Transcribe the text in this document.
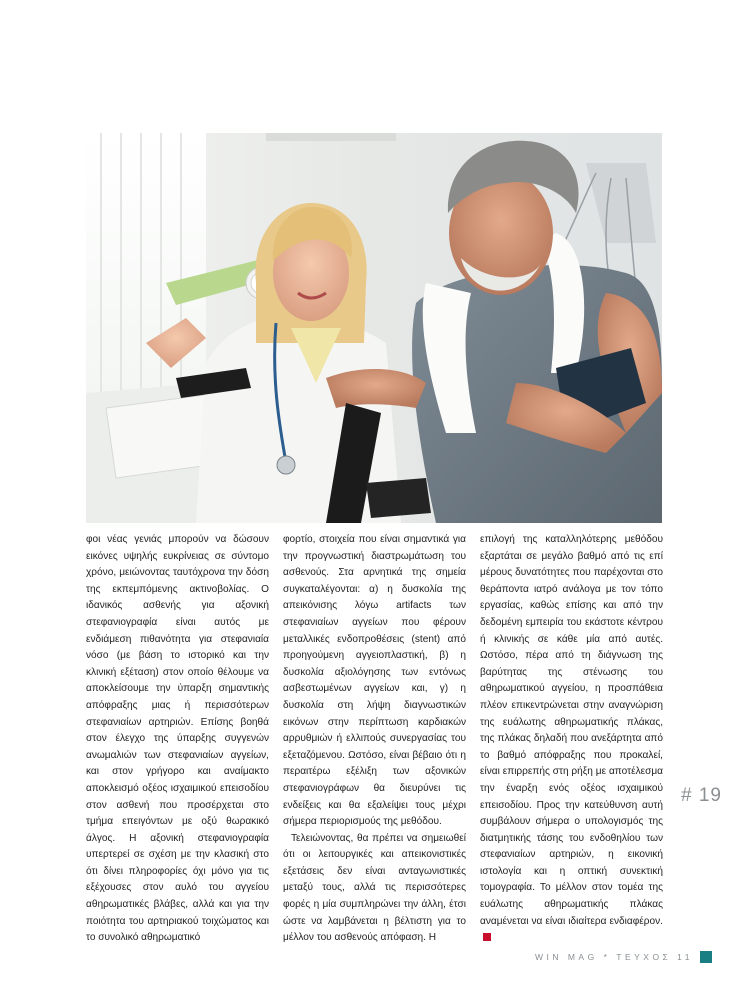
φοι νέας γενιάς μπορούν να δώσουν εικόνες υψηλής ευκρίνειας σε σύντομο χρόνο, μειώνοντας ταυτόχρονα την δόση της εκπεμπόμενης ακτινοβολίας. Ο ιδανικός ασθενής για αξονική στεφανιογραφία είναι αυτός με ενδιάμεση πιθανότητα για στεφανιαία νόσο (με βάση το ιστορικό και την κλινική εξέταση) στον οποίο θέλουμε να αποκλείσουμε την ύπαρξη σημαντικής απόφραξης μιας ή περισσότερων στεφανιαίων αρτηριών. Επίσης βοηθά στον έλεγχο της ύπαρξης συγγενών ανωμαλιών των στεφανιαίων αγγείων, και στον γρήγορο και αναίμακτο αποκλεισμό οξέος ισχαιμικού επεισοδίου στον ασθενή που προσέρχεται στο τμήμα επειγόντων με οξύ θωρακικό άλγος. Η αξονική στεφανιογραφία υπερτερεί σε σχέση με την κλασική στο ότι δίνει πληροφορίες όχι μόνο για τις εξέχουσες στον αυλό του αγγείου αθηρωματικές βλάβες, αλλά και για την ποιότητα του αρτηριακού τοιχώματος και το συνολικό αθηρωματικό

φορτίο, στοιχεία που είναι σημαντικά για την προγνωστική διαστρωμάτωση του ασθενούς. Στα αρνητικά της σημεία συγκαταλέγονται: α) η δυσκολία της απεικόνισης λόγω artifacts των στεφανιαίων αγγείων που φέρουν μεταλλικές ενδοπροθέσεις (stent) από προηγούμενη αγγειοπλαστική, β) η δυσκολία αξιολόγησης των εντόνως ασβεστωμένων αγγείων και, γ) η δυσκολία στη λήψη διαγνωστικών εικόνων στην περίπτωση καρδιακών αρρυθμιών ή ελλιπούς συνεργασίας του εξεταζόμενου. Ωστόσο, είναι βέβαιο ότι η περαιτέρω εξέλιξη των αξονικών στεφανιογράφων θα διευρύνει τις ενδείξεις και θα εξαλείψει τους μέχρι σήμερα περιορισμούς της μεθόδου.

Τελειώνοντας, θα πρέπει να σημειωθεί ότι οι λειτουργικές και απεικονιστικές εξετάσεις δεν είναι ανταγωνιστικές μεταξύ τους, αλλά τις περισσότερες φορές η μία συμπληρώνει την άλλη, έτσι ώστε να λαμβάνεται η βέλτιστη για το μέλλον του ασθενούς απόφαση. Η

επιλογή της καταλληλότερης μεθόδου εξαρτάται σε μεγάλο βαθμό από τις επί μέρους δυνατότητες που παρέχονται στο θεράποντα ιατρό ανάλογα με τον τόπο εργασίας, καθώς επίσης και από την δεδομένη εμπειρία του εκάστοτε κέντρου ή κλινικής σε κάθε μία από αυτές. Ωστόσο, πέρα από τη διάγνωση της βαρύτητας της στένωσης του αθηρωματικού αγγείου, η προσπάθεια πλέον επικεντρώνεται στην αναγνώριση της ευάλωτης αθηρωματικής πλάκας, της πλάκας δηλαδή που ανεξάρτητα από το βαθμό απόφραξης που προκαλεί, είναι επιρρεπής στη ρήξη με αποτέλεσμα την έναρξη ενός οξέος ισχαιμικού επεισοδίου. Προς την κατεύθυνση αυτή συμβάλουν σήμερα ο υπολογισμός της διατμητικής τάσης του ενδοθηλίου των στεφανιαίων αρτηριών, η εικονική ιστολογία και η οπτική συνεκτική τομογραφία. Το μέλλον στον τομέα της ευάλωτης αθηρωματικής πλάκας αναμένεται να είναι ιδιαίτερα ενδιαφέρον.

# 19
WIN MAG * ΤΕΥΧΟΣ 11
